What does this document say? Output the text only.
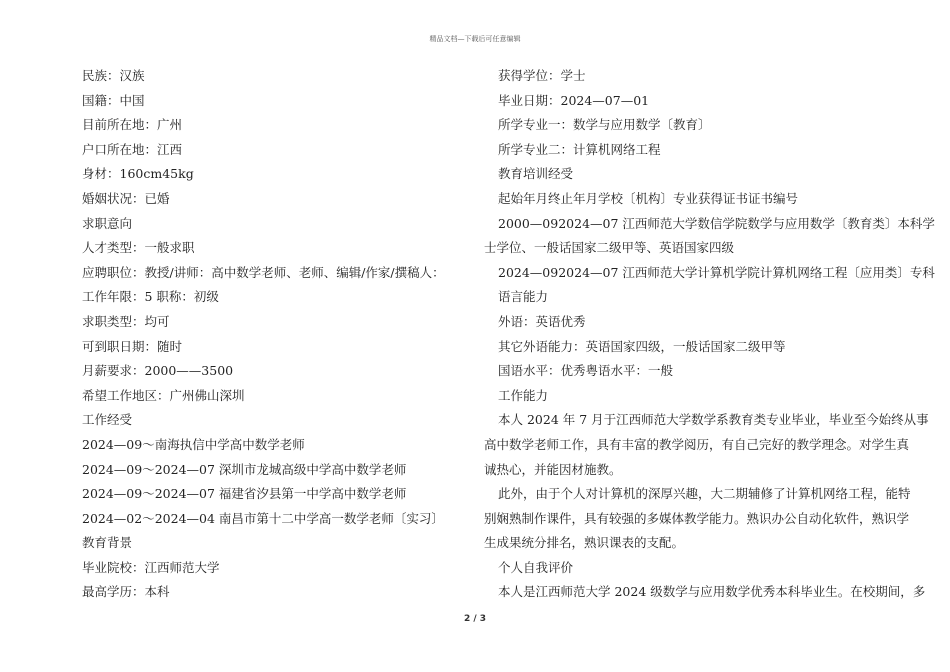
精品文档—下载后可任意编辑
民族：汉族
国籍：中国
目前所在地：广州
户口所在地：江西
身材：160cm45kg
婚姻状况：已婚
求职意向
人才类型：一般求职
应聘职位：教授/讲师：高中数学老师、老师、编辑/作家/撰稿人：
工作年限：5 职称：初级
求职类型：均可
可到职日期：随时
月薪要求：2000——3500
希望工作地区：广州佛山深圳
工作经受
2024—09～南海执信中学高中数学老师
2024—09～2024—07 深圳市龙城高级中学高中数学老师
2024—09～2024—07 福建省汐县第一中学高中数学老师
2024—02～2024—04 南昌市第十二中学高一数学老师〔实习〕
教育背景
毕业院校：江西师范大学
最高学历：本科
获得学位：学士
毕业日期：2024—07—01
所学专业一：数学与应用数学〔教育〕
所学专业二：计算机网络工程
教育培训经受
起始年月终止年月学校〔机构〕专业获得证书证书编号
2000—092024—07 江西师范大学数信学院数学与应用数学〔教育类〕本科学
士学位、一般话国家二级甲等、英语国家四级
2024—092024—07 江西师范大学计算机学院计算机网络工程〔应用类〕专科
语言能力
外语：英语优秀
其它外语能力：英语国家四级，一般话国家二级甲等
国语水平：优秀粤语水平：一般
工作能力
本人 2024 年 7 月于江西师范大学数学系教育类专业毕业，毕业至今始终从事
高中数学老师工作，具有丰富的教学阅历，有自己完好的教学理念。对学生真
诚热心，并能因材施教。
此外，由于个人对计算机的深厚兴趣，大二期辅修了计算机网络工程，能特
别娴熟制作课件，具有较强的多媒体教学能力。熟识办公自动化软件，熟识学
生成果统分排名，熟识课表的支配。
个人自我评价
本人是江西师范大学 2024 级数学与应用数学优秀本科毕业生。在校期间，多
2 / 3
